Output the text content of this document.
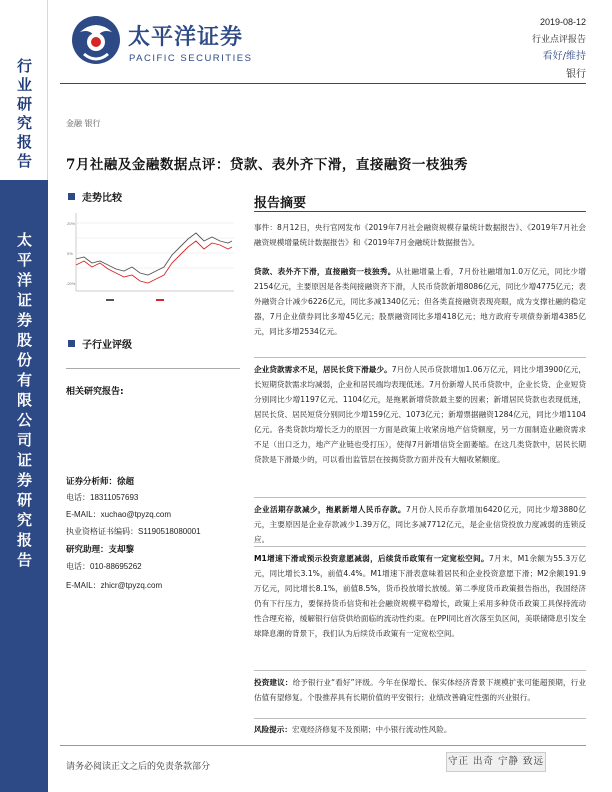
行业研究报告
太平洋证券股份有限公司证券研究报告
太平洋证券
PACIFIC SECURITIES
2019-08-12
行业点评报告
看好/维持
银行
金融 银行
7月社融及金融数据点评：贷款、表外齐下滑，直接融资一枝独秀
走势比较
20%
0%
-20%
子行业评级
相关研究报告:
证券分析师：徐超
电话：18311057693
E-MAIL：xuchao@tpyzq.com
执业资格证书编码：S1190518080001
研究助理：支却黎
电话：010-88695262
E-MAIL：zhicr@tpyzq.com
报告摘要
事件：8月12日，央行官网发布《2019年7月社会融资规模存量统计数据报告》、《2019年7月社会融资规模增量统计数据报告》和《2019年7月金融统计数据报告》。
贷款、表外齐下滑，直接融资一枝独秀。从社融增量上看，7月份社融增加1.0万亿元，同比少增2154亿元，主要原因是各类间接融资齐下滑，人民币贷款新增8086亿元，同比少增4775亿元；表外融资合计减少6226亿元，同比多减1340亿元；但各类直接融资表现亮眼，成为支撑社融的稳定器，7月企业债券同比多增45亿元；股票融资同比多增418亿元；地方政府专项债券新增4385亿元，同比多增2534亿元。
企业贷款需求不足，居民长贷下滑最少。7月份人民币贷款增加1.06万亿元，同比少增3900亿元，长短期贷款需求均减弱，企业和居民端均表现低迷。7月份新增人民币贷款中，企业长贷、企业短贷分别同比少增1197亿元、1104亿元，是拖累新增贷款最主要的因素；新增居民贷款也表现低迷，居民长贷、居民短贷分别同比少增159亿元、1073亿元；新增票据融资1284亿元，同比少增1104亿元。各类贷款均增长乏力的原因一方面是政策上收紧房地产信贷额度，另一方面制造业融资需求不足（出口乏力，地产产业链也受打压），使得7月新增信贷全面萎缩。在这几类贷款中，居民长期贷款是下滑最少的，可以看出监管层在按揭贷款方面并没有大幅收紧额度。
企业活期存款减少，拖累新增人民币存款。7月份人民币存款增加6420亿元，同比少增3880亿元，主要原因是企业存款减少1.39万亿，同比多减7712亿元，是企业信贷投放力度减弱的连锁反应。
M1增速下滑或预示投资意愿减弱，后续货币政策有一定宽松空间。7月末，M1余额为55.3万亿元，同比增长3.1%，前值4.4%。M1增速下滑表意味着居民和企业投资意愿下滑；M2余额191.9万亿元，同比增长8.1%，前值8.5%，货币投放增长放缓。第二季度货币政策报告指出，我国经济仍有下行压力，要保持货币信贷和社会融资规模平稳增长，政策上采用多种货币政策工具保持流动性合理充裕，缓解银行信贷供给面临的流动性约束。在PPI同比首次落至负区间，美联储降息引发全球降息潮的背景下，我们认为后续货币政策有一定宽松空间。
投资建议：给予银行业“看好”评级。今年在保增长、保实体经济背景下规模扩张可能超预期，行业估值有望修复。个股推荐具有长期价值的平安银行；业绩改善确定性强的兴业银行。
风险提示：宏观经济修复不及预期；中小银行流动性风险。
请务必阅读正文之后的免责条款部分	守正 出奇 宁静 致远
